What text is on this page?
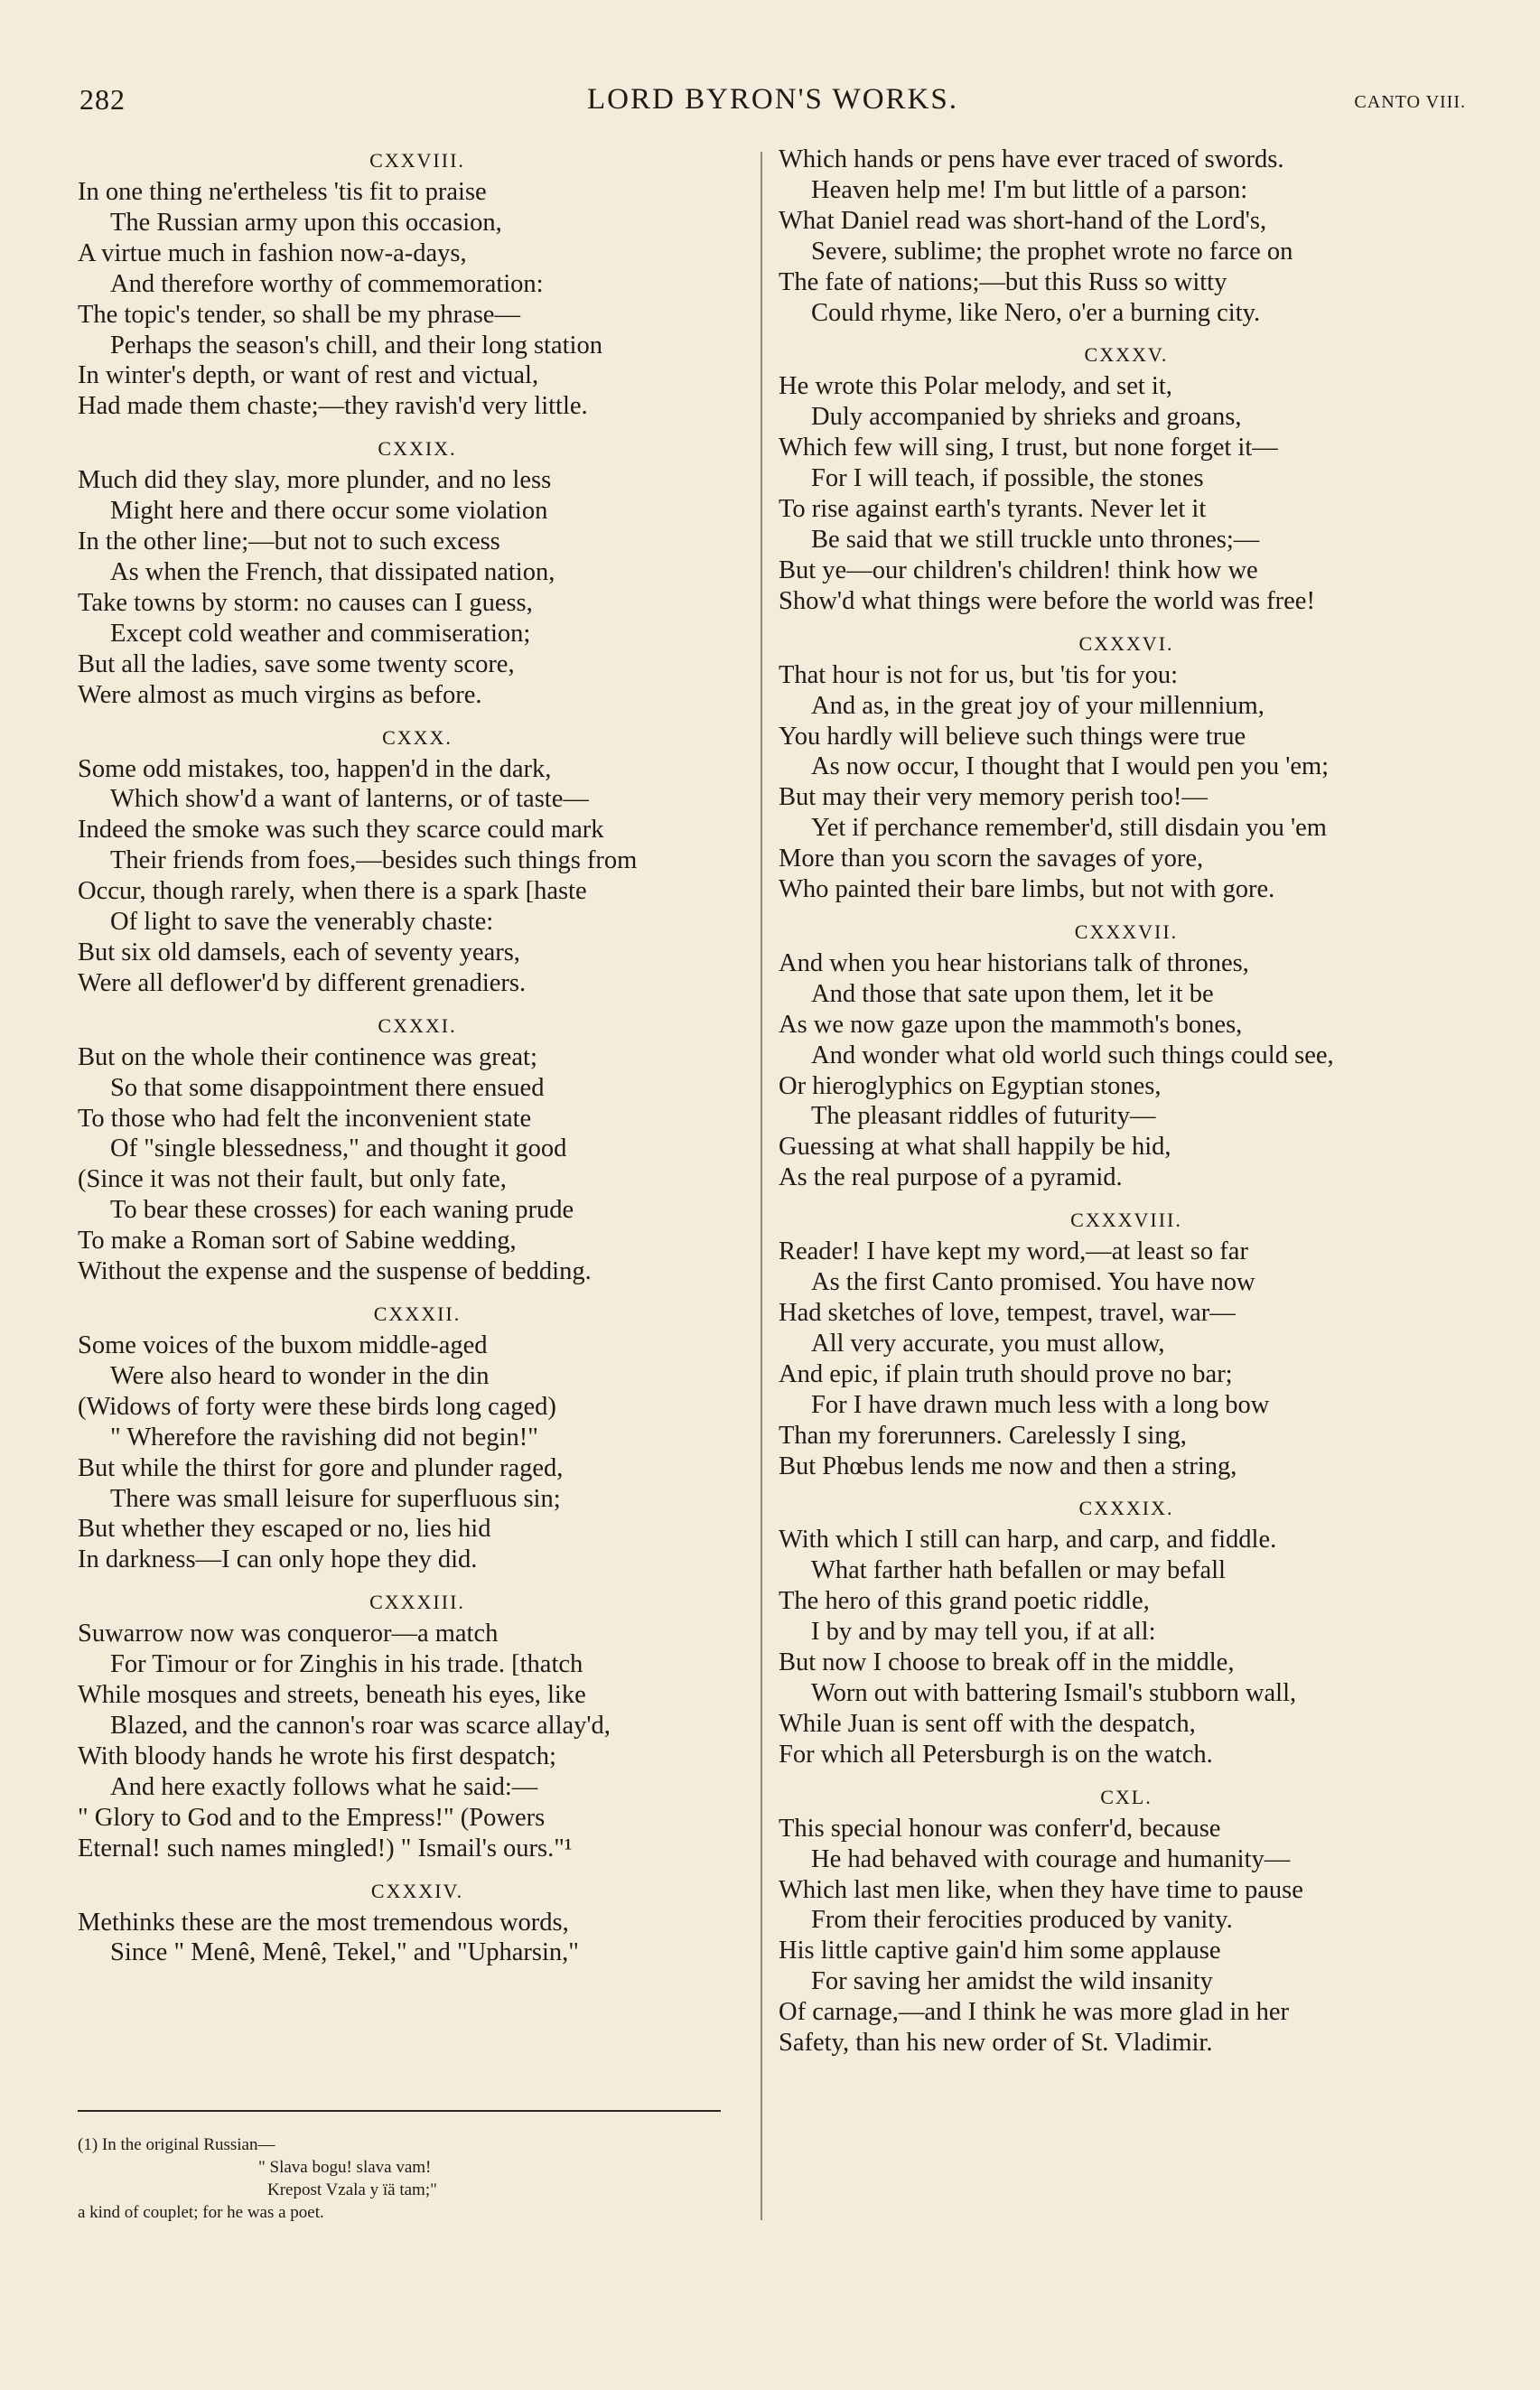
282	LORD BYRON'S WORKS.	CANTO VIII.
CXXVIII.
In one thing ne'ertheless 'tis fit to praise
The Russian army upon this occasion,
A virtue much in fashion now-a-days,
And therefore worthy of commemoration:
The topic's tender, so shall be my phrase—
Perhaps the season's chill, and their long station
In winter's depth, or want of rest and victual,
Had made them chaste;—they ravish'd very little.
CXXIX.
Much did they slay, more plunder, and no less
Might here and there occur some violation
In the other line;—but not to such excess
As when the French, that dissipated nation,
Take towns by storm: no causes can I guess,
Except cold weather and commiseration;
But all the ladies, save some twenty score,
Were almost as much virgins as before.
CXXX.
Some odd mistakes, too, happen'd in the dark,
Which show'd a want of lanterns, or of taste—
Indeed the smoke was such they scarce could mark
Their friends from foes,—besides such things from
Occur, though rarely, when there is a spark [haste
Of light to save the venerably chaste:
But six old damsels, each of seventy years,
Were all deflower'd by different grenadiers.
CXXXI.
But on the whole their continence was great;
So that some disappointment there ensued
To those who had felt the inconvenient state
Of "single blessedness," and thought it good
(Since it was not their fault, but only fate,
To bear these crosses) for each waning prude
To make a Roman sort of Sabine wedding,
Without the expense and the suspense of bedding.
CXXXII.
Some voices of the buxom middle-aged
Were also heard to wonder in the din
(Widows of forty were these birds long caged)
" Wherefore the ravishing did not begin!"
But while the thirst for gore and plunder raged,
There was small leisure for superfluous sin;
But whether they escaped or no, lies hid
In darkness—I can only hope they did.
CXXXIII.
Suwarrow now was conqueror—a match
For Timour or for Zinghis in his trade. [thatch
While mosques and streets, beneath his eyes, like
Blazed, and the cannon's roar was scarce allay'd,
With bloody hands he wrote his first despatch;
And here exactly follows what he said:—
" Glory to God and to the Empress!" (Powers
Eternal! such names mingled!) " Ismail's ours."¹
CXXXIV.
Methinks these are the most tremendous words,
Since " Menê, Menê, Tekel," and "Upharsin,"
Which hands or pens have ever traced of swords.
Heaven help me! I'm but little of a parson:
What Daniel read was short-hand of the Lord's,
Severe, sublime; the prophet wrote no farce on
The fate of nations;—but this Russ so witty
Could rhyme, like Nero, o'er a burning city.
CXXXV.
He wrote this Polar melody, and set it,
Duly accompanied by shrieks and groans,
Which few will sing, I trust, but none forget it—
For I will teach, if possible, the stones
To rise against earth's tyrants. Never let it
Be said that we still truckle unto thrones;—
But ye—our children's children! think how we
Show'd what things were before the world was free!
CXXXVI.
That hour is not for us, but 'tis for you:
And as, in the great joy of your millennium,
You hardly will believe such things were true
As now occur, I thought that I would pen you 'em;
But may their very memory perish too!—
Yet if perchance remember'd, still disdain you 'em
More than you scorn the savages of yore,
Who painted their bare limbs, but not with gore.
CXXXVII.
And when you hear historians talk of thrones,
And those that sate upon them, let it be
As we now gaze upon the mammoth's bones,
And wonder what old world such things could see,
Or hieroglyphics on Egyptian stones,
The pleasant riddles of futurity—
Guessing at what shall happily be hid,
As the real purpose of a pyramid.
CXXXVIII.
Reader! I have kept my word,—at least so far
As the first Canto promised. You have now
Had sketches of love, tempest, travel, war—
All very accurate, you must allow,
And epic, if plain truth should prove no bar;
For I have drawn much less with a long bow
Than my forerunners. Carelessly I sing,
But Phœbus lends me now and then a string,
CXXXIX.
With which I still can harp, and carp, and fiddle.
What farther hath befallen or may befall
The hero of this grand poetic riddle,
I by and by may tell you, if at all:
But now I choose to break off in the middle,
Worn out with battering Ismail's stubborn wall,
While Juan is sent off with the despatch,
For which all Petersburgh is on the watch.
CXL.
This special honour was conferr'd, because
He had behaved with courage and humanity—
Which last men like, when they have time to pause
From their ferocities produced by vanity.
His little captive gain'd him some applause
For saving her amidst the wild insanity
Of carnage,—and I think he was more glad in her
Safety, than his new order of St. Vladimir.
(1) In the original Russian—
" Slava bogu! slava vam!
Krepost Vzala y ïä tam;"
a kind of couplet; for he was a poet.
